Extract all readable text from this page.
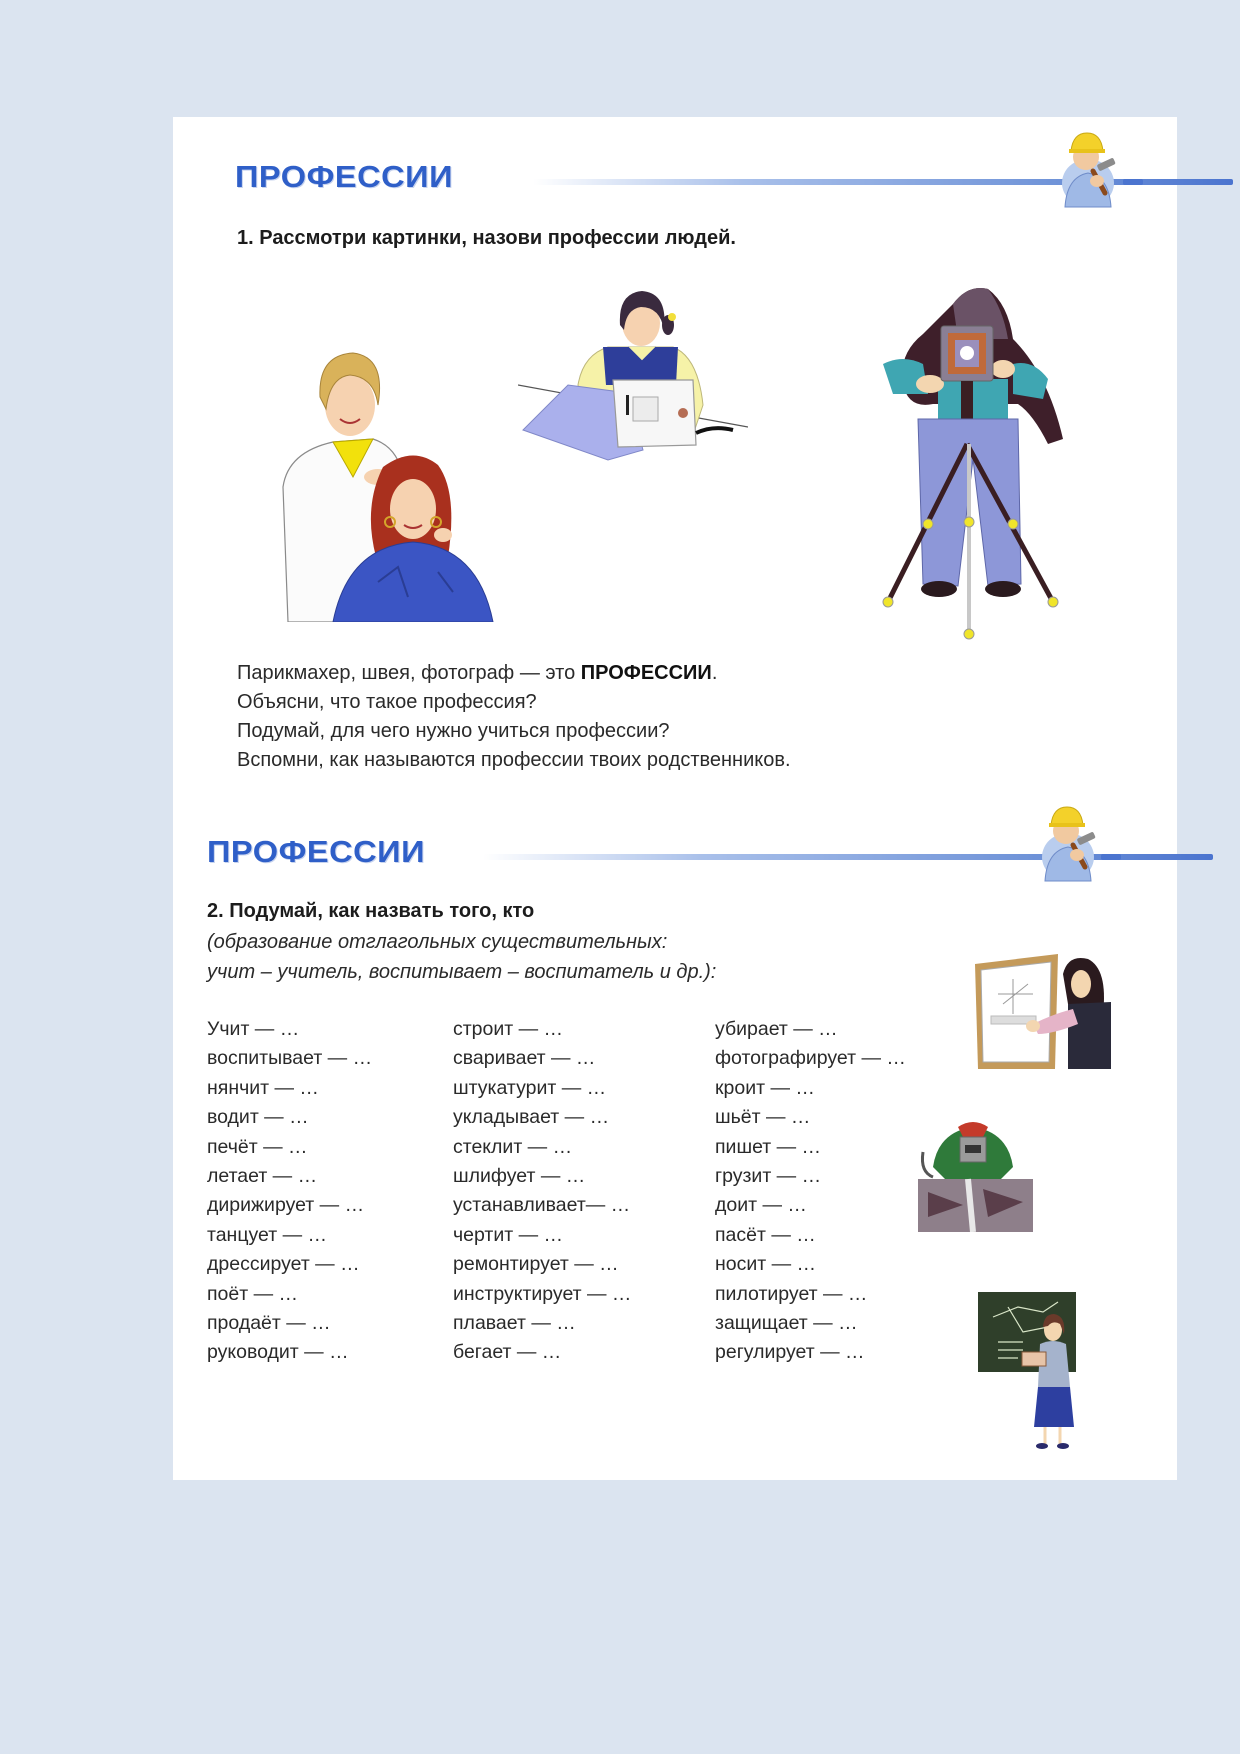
ПРОФЕССИИ
1. Рассмотри картинки, назови профессии людей.
Парикмахер, швея, фотограф — это ПРОФЕССИИ.
Объясни, что такое профессия?
Подумай, для чего нужно учиться профессии?
Вспомни, как называются профессии твоих родственников.
ПРОФЕССИИ
2. Подумай, как назвать того, кто
(образование отглагольных существительных:
учит – учитель, воспитывает – воспитатель и др.):
Учит — …
воспитывает — …
нянчит — …
водит — …
печёт — …
летает — …
дирижирует — …
танцует — …
дрессирует — …
поёт — …
продаёт — …
руководит — …
строит — …
сваривает — …
штукатурит — …
укладывает — …
стеклит — …
шлифует — …
устанавливает— …
чертит — …
ремонтирует — …
инструктирует — …
плавает — …
бегает — …
убирает — …
фотографирует — …
кроит — …
шьёт — …
пишет — …
грузит — …
доит — …
пасёт — …
носит — …
пилотирует — …
защищает — …
регулирует — …
